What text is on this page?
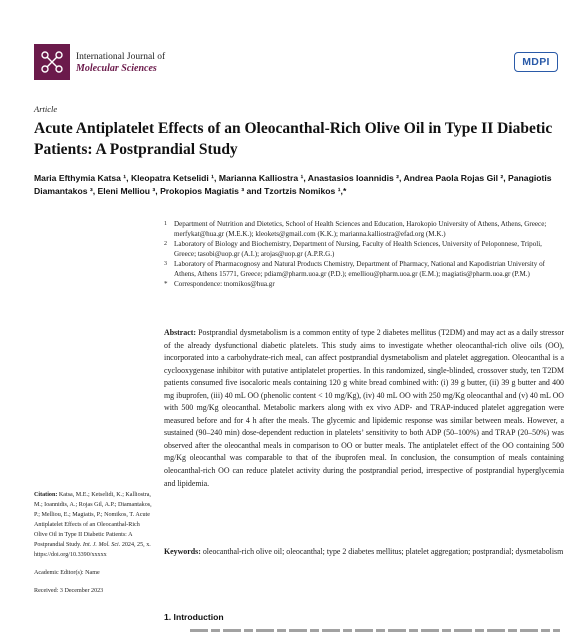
International Journal of
Molecular Sciences
MDPI
Article
Acute Antiplatelet Effects of an Oleocanthal-Rich Olive Oil in Type II Diabetic Patients: A Postprandial Study
Maria Efthymia Katsa ¹, Kleopatra Ketselidi ¹, Marianna Kalliostra ¹, Anastasios Ioannidis ², Andrea Paola Rojas Gil ², Panagiotis Diamantakos ³, Eleni Melliou ³, Prokopios Magiatis ³ and Tzortzis Nomikos ¹,*
1 Department of Nutrition and Dietetics, School of Health Sciences and Education, Harokopio University of Athens, Athens, Greece; merfykat@hua.gr (M.E.K.); kleokets@gmail.com (K.K.); marianna.kalliostra@efad.org (M.K.)
2 Laboratory of Biology and Biochemistry, Department of Nursing, Faculty of Health Sciences, University of Peloponnese, Tripoli, Greece; tasobi@uop.gr (A.I.); arojas@uop.gr (A.P.R.G.)
3 Laboratory of Pharmacognosy and Natural Products Chemistry, Department of Pharmacy, National and Kapodistrian University of Athens, Athens 15771, Greece; pdiam@pharm.uoa.gr (P.D.); emelliou@pharm.uoa.gr (E.M.); magiatis@pharm.uoa.gr (P.M.)
* Correspondence: tnomikos@hua.gr
Abstract: Postprandial dysmetabolism is a common entity of type 2 diabetes mellitus (T2DM) and may act as a daily stressor of the already dysfunctional diabetic platelets. This study aims to investigate whether oleocanthal-rich olive oils (OO), incorporated into a carbohydrate-rich meal, can affect postprandial dysmetabolism and platelet aggregation. Oleocanthal is a cyclooxygenase inhibitor with putative antiplatelet properties. In this randomized, single-blinded, crossover study, ten T2DM patients consumed five isocaloric meals containing 120 g white bread combined with: (i) 39 g butter, (ii) 39 g butter and 400 mg ibuprofen, (iii) 40 mL OO (phenolic content < 10 mg/Kg), (iv) 40 mL OO with 250 mg/Kg oleocanthal and (v) 40 mL OO with 500 mg/Kg oleocanthal. Metabolic markers along with ex vivo ADP- and TRAP-induced platelet aggregation were measured before and for 4 h after the meals. The glycemic and lipidemic response was similar between meals. However, a sustained (90–240 min) dose-dependent reduction in platelets’ sensitivity to both ADP (50–100%) and TRAP (20–50%) was observed after the oleocanthal meals in comparison to OO or butter meals. The antiplatelet effect of the OO containing 500 mg/Kg oleocanthal was comparable to that of the ibuprofen meal. In conclusion, the consumption of meals containing oleocanthal-rich OO can reduce platelet activity during the postprandial period, irrespective of postprandial hyperglycemia and lipidemia.
Keywords: oleocanthal-rich olive oil; oleocanthal; type 2 diabetes mellitus; platelet aggregation; postprandial; dysmetabolism
Citation: Katsa, M.E.; Ketselidi, K.; Kalliostra, M.; Ioannidis, A.; Rojas Gil, A.P.; Diamantakos, P.; Melliou, E.; Magiatis, P.; Nomikos, T. Acute Antiplatelet Effects of an Oleocanthal-Rich Olive Oil in Type II Diabetic Patients: A Postprandial Study. Int. J. Mol. Sci. 2024, 25, x.
https://doi.org/10.3390/xxxxx
Academic Editor(s): Name
Received: 3 December 2023
1. Introduction
